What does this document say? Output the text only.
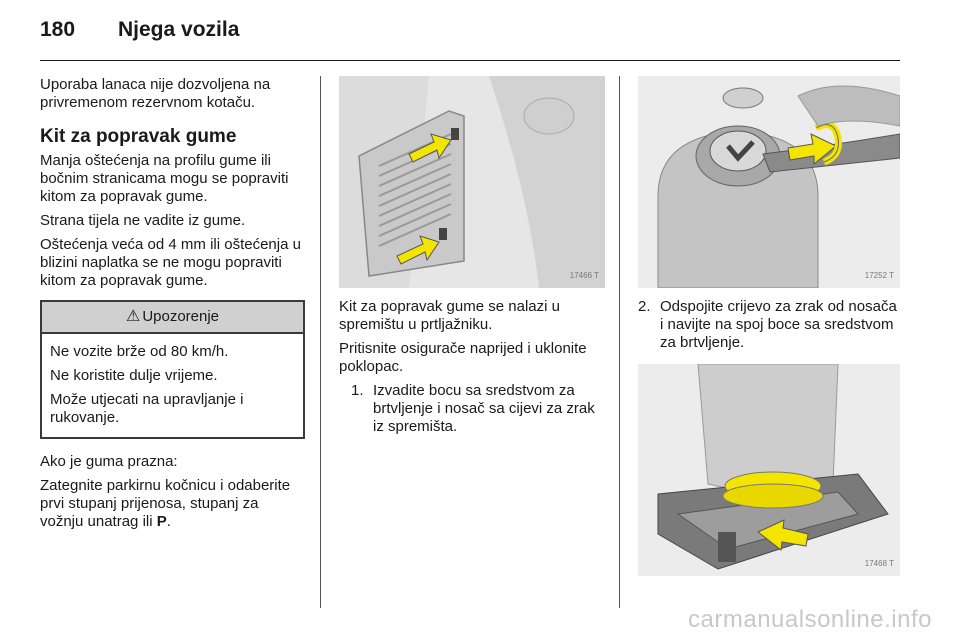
180 Njega vozila

Uporaba lanaca nije dozvoljena na privremenom rezervnom kotaču.

Kit za popravak gume

Manja oštećenja na profilu gume ili bočnim stranicama mogu se popraviti kitom za popravak gume.

Strana tijela ne vadite iz gume.

Oštećenja veća od 4 mm ili oštećenja u blizini naplatka se ne mogu popraviti kitom za popravak gume.

⚠ Upozorenje

Ne vozite brže od 80 km/h.

Ne koristite dulje vrijeme.

Može utjecati na upravljanje i rukovanje.

Ako je guma prazna:

Zategnite parkirnu kočnicu i odaberite prvi stupanj prijenosa, stupanj za vožnju unatrag ili P.

17466 T

Kit za popravak gume se nalazi u spremištu u prtljažniku.

Pritisnite osigurače naprijed i uklonite poklopac.

1. Izvadite bocu sa sredstvom za brtvljenje i nosač sa cijevi za zrak iz spremišta.
17252 T
2. Odspojite crijevo za zrak od nosača i navijte na spoj boce sa sredstvom za brtvljenje.
17468 T
carmanualsonline.info
